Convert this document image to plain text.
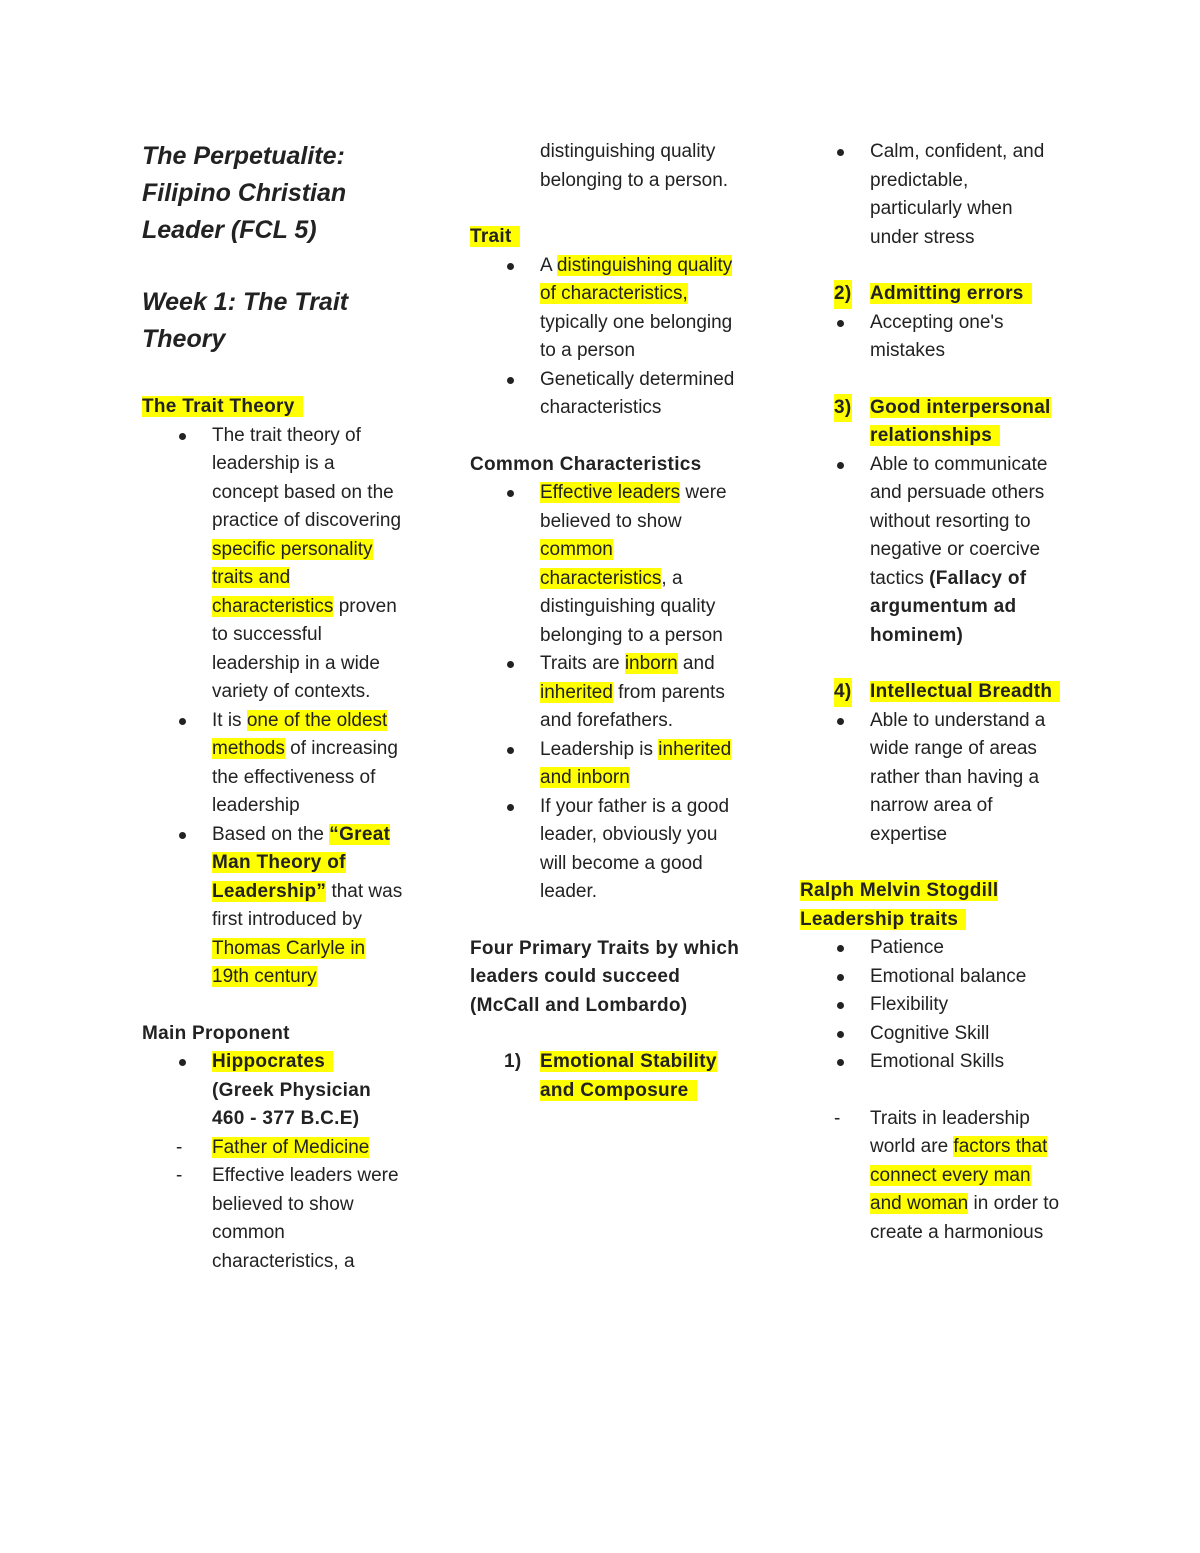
The Perpetualite: Filipino Christian Leader (FCL 5)
Week 1: The Trait Theory

The Trait Theory

The trait theory of leadership is a concept based on the practice of discovering specific personality traits and characteristics proven to successful leadership in a wide variety of contexts.
It is one of the oldest methods of increasing the effectiveness of leadership
Based on the “Great Man Theory of Leadership” that was first introduced by Thomas Carlyle in 19th century

Main Proponent

Hippocrates
(Greek Physician 460 - 377 B.C.E)
- Father of Medicine
- Effective leaders were believed to show common characteristics, a

distinguishing quality belonging to a person.

Trait

A distinguishing quality of characteristics, typically one belonging to a person
Genetically determined characteristics

Common Characteristics

Effective leaders were believed to show common characteristics, a distinguishing quality belonging to a person
Traits are inborn and inherited from parents and forefathers.
Leadership is inherited and inborn
If your father is a good leader, obviously you will become a good leader.

Four Primary Traits by which leaders could succeed (McCall and Lombardo)

1) Emotional Stability and Composure
Calm, confident, and predictable, particularly when under stress
2) Admitting errors
Accepting one's mistakes
3) Good interpersonal relationships
Able to communicate and persuade others without resorting to negative or coercive tactics (Fallacy of argumentum ad hominem)
4) Intellectual Breadth
Able to understand a wide range of areas rather than having a narrow area of expertise

Ralph Melvin Stogdill Leadership traits

Patience
Emotional balance
Flexibility
Cognitive Skill
Emotional Skills
- Traits in leadership world are factors that connect every man and woman in order to create a harmonious
